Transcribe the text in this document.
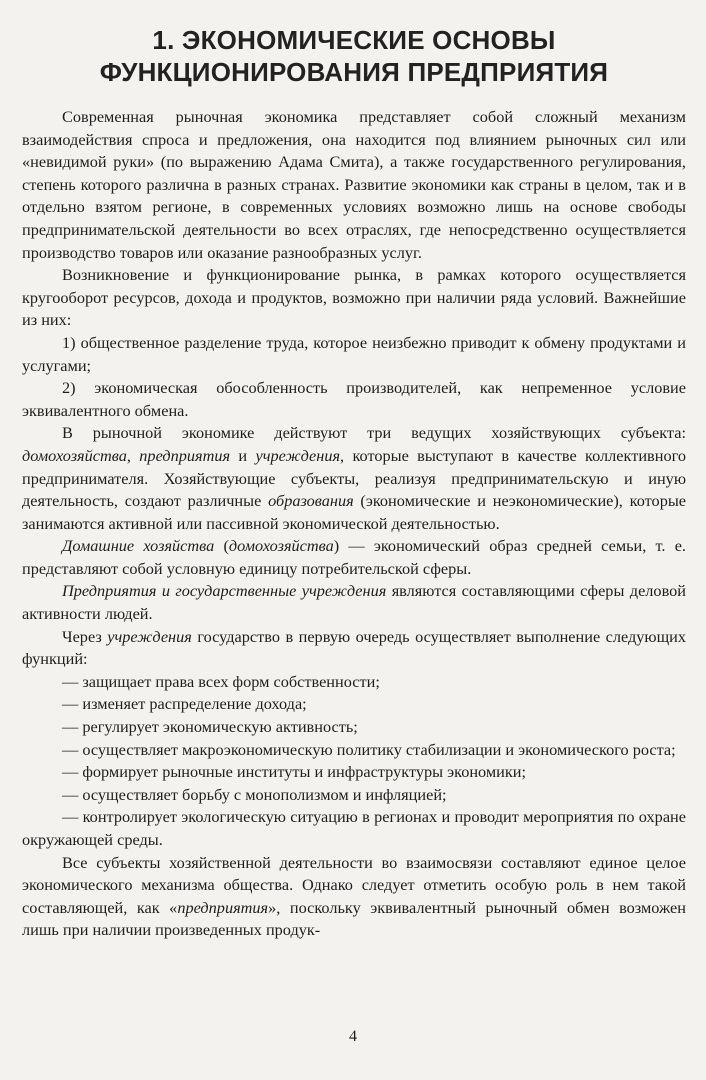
1. ЭКОНОМИЧЕСКИЕ ОСНОВЫ
ФУНКЦИОНИРОВАНИЯ ПРЕДПРИЯТИЯ

Современная рыночная экономика представляет собой сложный механизм взаимодействия спроса и предложения, она находится под влиянием рыночных сил или «невидимой руки» (по выражению Адама Смита), а также государственного регулирования, степень которого различна в разных странах. Развитие экономики как страны в целом, так и в отдельно взятом регионе, в современных условиях возможно лишь на основе свободы предпринимательской деятельности во всех отраслях, где непосредственно осуществляется производство товаров или оказание разнообразных услуг.

Возникновение и функционирование рынка, в рамках которого осуществляется кругооборот ресурсов, дохода и продуктов, возможно при наличии ряда условий. Важнейшие из них:

1) общественное разделение труда, которое неизбежно приводит к обмену продуктами и услугами;

2) экономическая обособленность производителей, как непременное условие эквивалентного обмена.

В рыночной экономике действуют три ведущих хозяйствующих субъекта: домохозяйства, предприятия и учреждения, которые выступают в качестве коллективного предпринимателя. Хозяйствующие субъекты, реализуя предпринимательскую и иную деятельность, создают различные образования (экономические и неэкономические), которые занимаются активной или пассивной экономической деятельностью.

Домашние хозяйства (домохозяйства) — экономический образ средней семьи, т. е. представляют собой условную единицу потребительской сферы.

Предприятия и государственные учреждения являются составляющими сферы деловой активности людей.

Через учреждения государство в первую очередь осуществляет выполнение следующих функций:

— защищает права всех форм собственности;

— изменяет распределение дохода;

— регулирует экономическую активность;

— осуществляет макроэкономическую политику стабилизации и экономического роста;

— формирует рыночные институты и инфраструктуры экономики;

— осуществляет борьбу с монополизмом и инфляцией;

— контролирует экологическую ситуацию в регионах и проводит мероприятия по охране окружающей среды.

Все субъекты хозяйственной деятельности во взаимосвязи составляют единое целое экономического механизма общества. Однако следует отметить особую роль в нем такой составляющей, как «предприятия», поскольку эквивалентный рыночный обмен возможен лишь при наличии произведенных продук-

4
